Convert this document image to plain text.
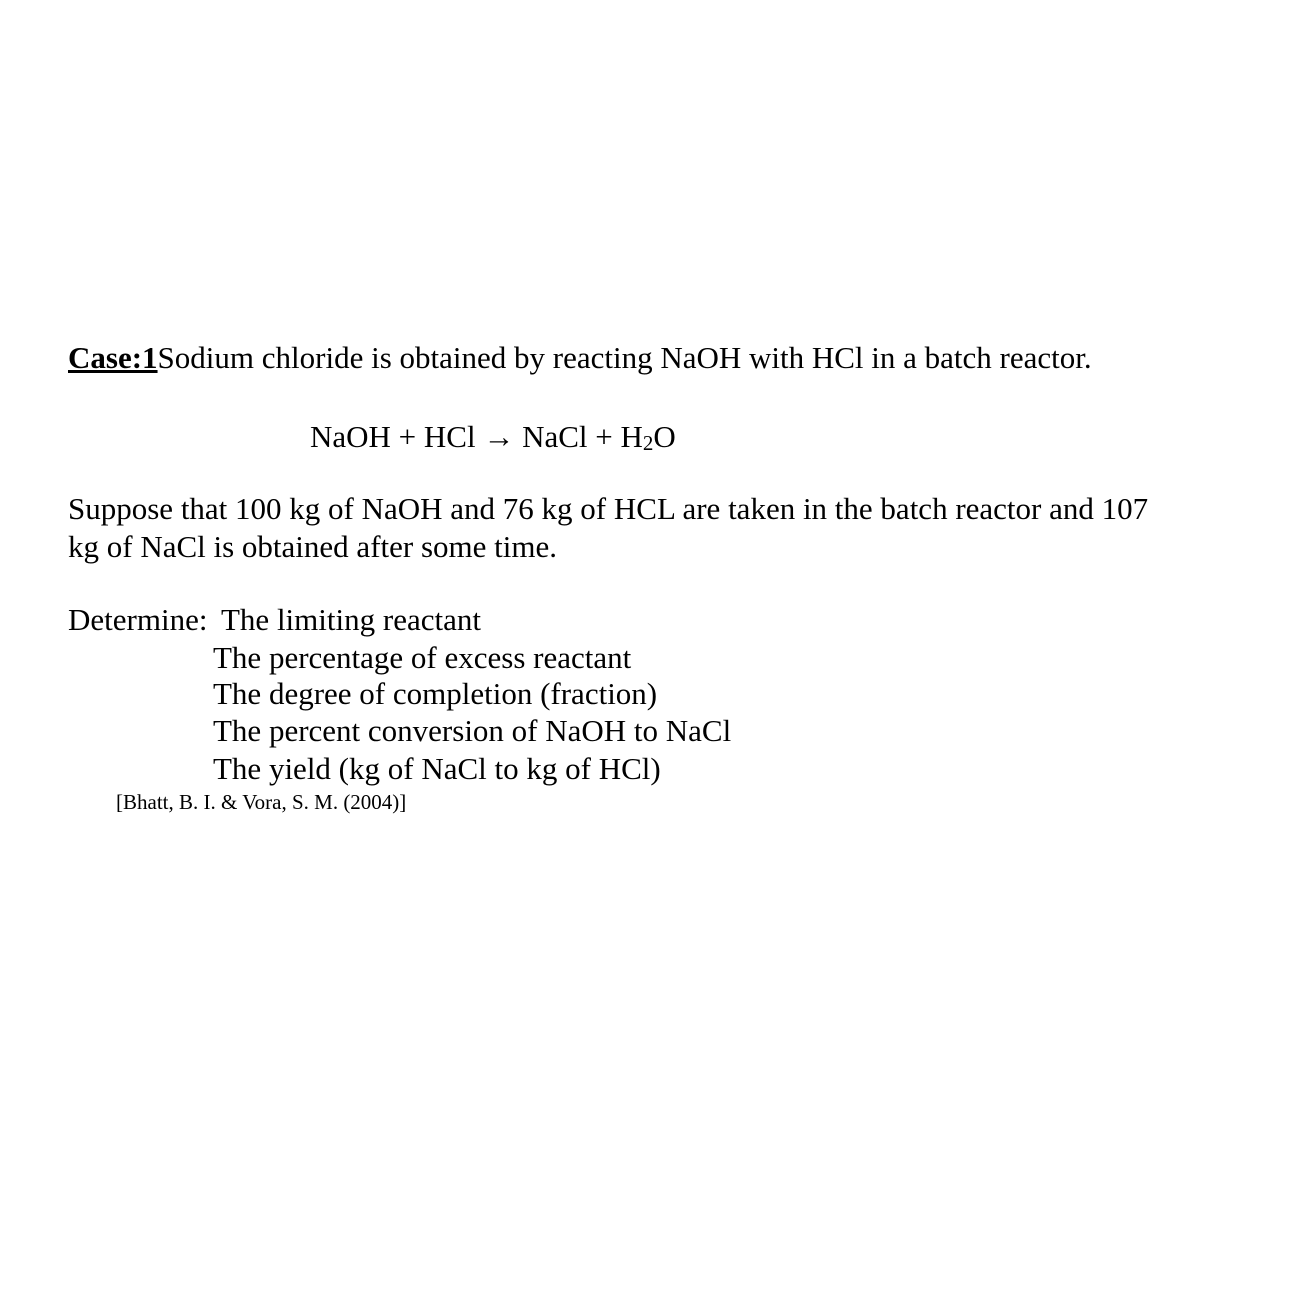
Case:1Sodium chloride is obtained by reacting NaOH with HCl in a batch reactor.
NaOH + HCl → NaCl + H2O
Suppose that 100 kg of NaOH and 76 kg of HCL are taken in the batch reactor and 107
kg of NaCl is obtained after some time.
Determine: The limiting reactant
The percentage of excess reactant
The degree of completion (fraction)
The percent conversion of NaOH to NaCl
The yield (kg of NaCl to kg of HCl)
[Bhatt, B. I. & Vora, S. M. (2004)]
